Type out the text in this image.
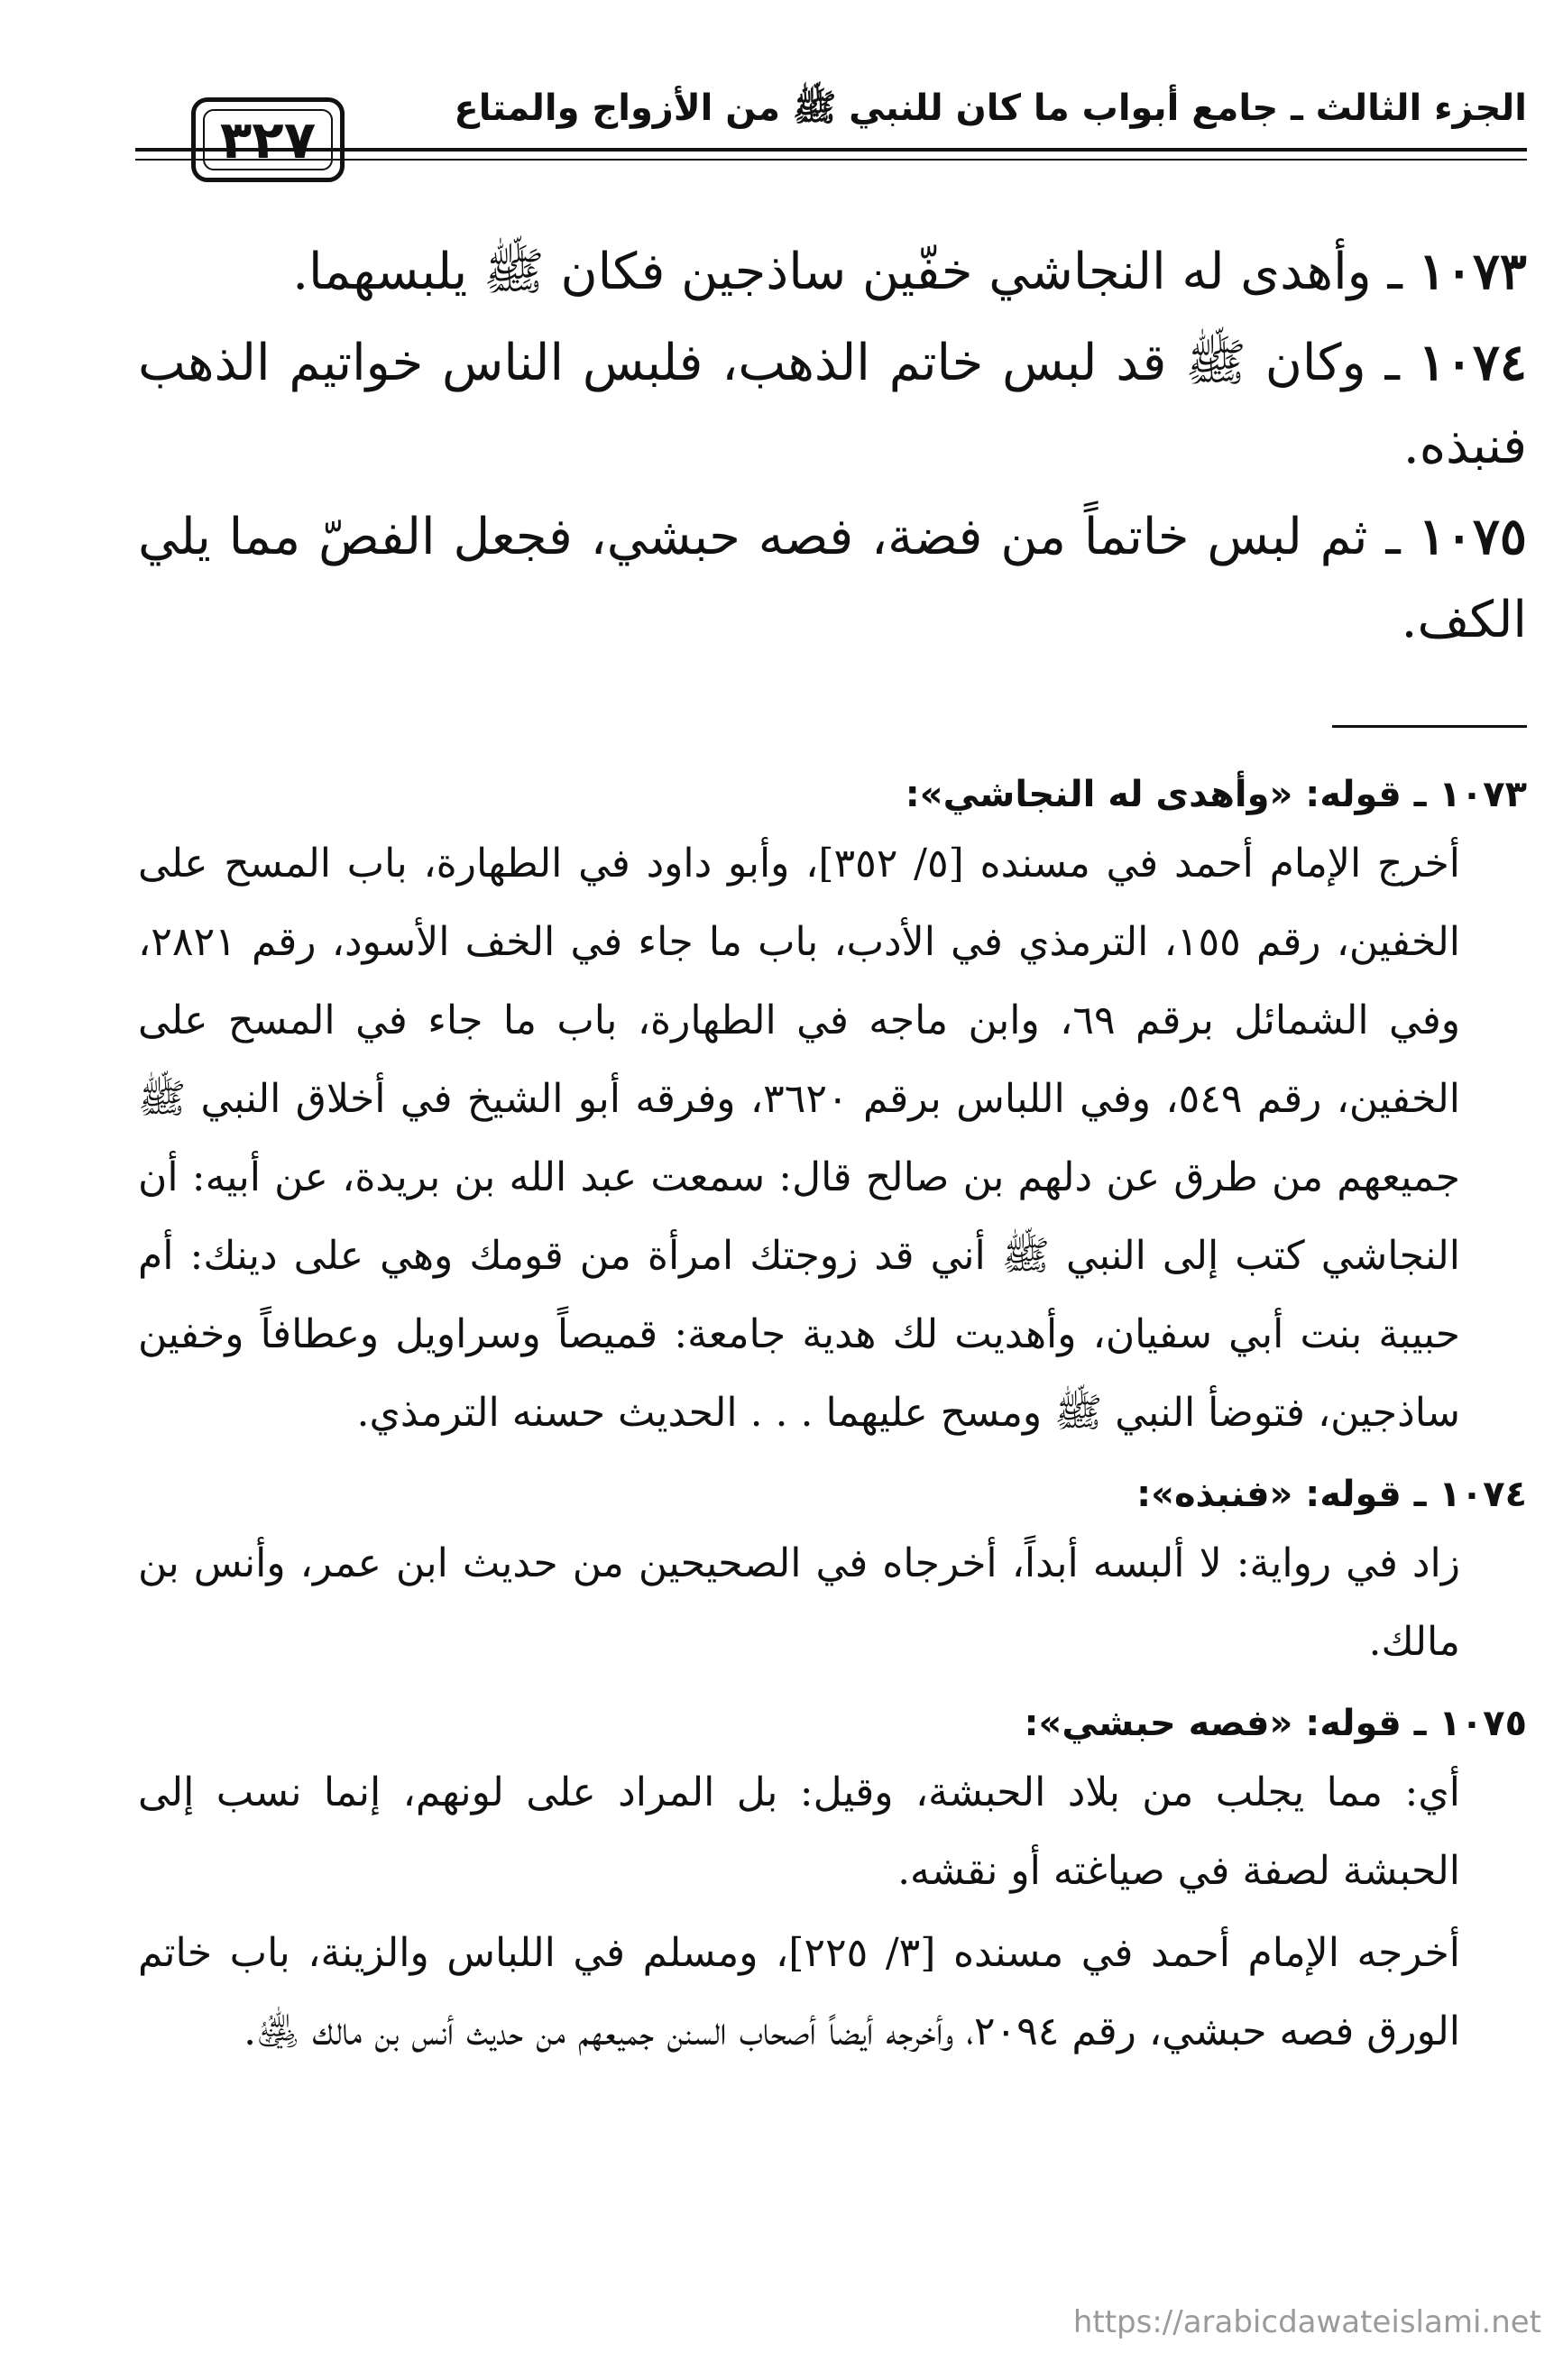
الجزء الثالث ـ جامع أبواب ما كان للنبي ﷺ من الأزواج والمتاع
٣٢٧

١٠٧٣ ـ وأهدى له النجاشي خفّين ساذجين فكان ﷺ يلبسهما.

١٠٧٤ ـ وكان ﷺ قد لبس خاتم الذهب، فلبس الناس خواتيم الذهب فنبذه.

١٠٧٥ ـ ثم لبس خاتماً من فضة، فصه حبشي، فجعل الفصّ مما يلي الكف.

١٠٧٣ ـ قوله: «وأهدى له النجاشي»:

أخرج الإمام أحمد في مسنده [٥/ ٣٥٢]، وأبو داود في الطهارة، باب المسح على الخفين، رقم ١٥٥، الترمذي في الأدب، باب ما جاء في الخف الأسود، رقم ٢٨٢١، وفي الشمائل برقم ٦٩، وابن ماجه في الطهارة، باب ما جاء في المسح على الخفين، رقم ٥٤٩، وفي اللباس برقم ٣٦٢٠، وفرقه أبو الشيخ في أخلاق النبي ﷺ جميعهم من طرق عن دلهم بن صالح قال: سمعت عبد الله بن بريدة، عن أبيه: أن النجاشي كتب إلى النبي ﷺ أني قد زوجتك امرأة من قومك وهي على دينك: أم حبيبة بنت أبي سفيان، وأهديت لك هدية جامعة: قميصاً وسراويل وعطافاً وخفين ساذجين، فتوضأ النبي ﷺ ومسح عليهما . . . الحديث حسنه الترمذي.

١٠٧٤ ـ قوله: «فنبذه»:

زاد في رواية: لا ألبسه أبداً، أخرجاه في الصحيحين من حديث ابن عمر، وأنس بن مالك.

١٠٧٥ ـ قوله: «فصه حبشي»:

أي: مما يجلب من بلاد الحبشة، وقيل: بل المراد على لونهم، إنما نسب إلى الحبشة لصفة في صياغته أو نقشه.

أخرجه الإمام أحمد في مسنده [٣/ ٢٢٥]، ومسلم في اللباس والزينة، باب خاتم الورق فصه حبشي، رقم ٢٠٩٤، وأخرجه أيضاً أصحاب السنن جميعهم من حديث أنس بن مالك ﵁.

https://arabicdawateislami.net
